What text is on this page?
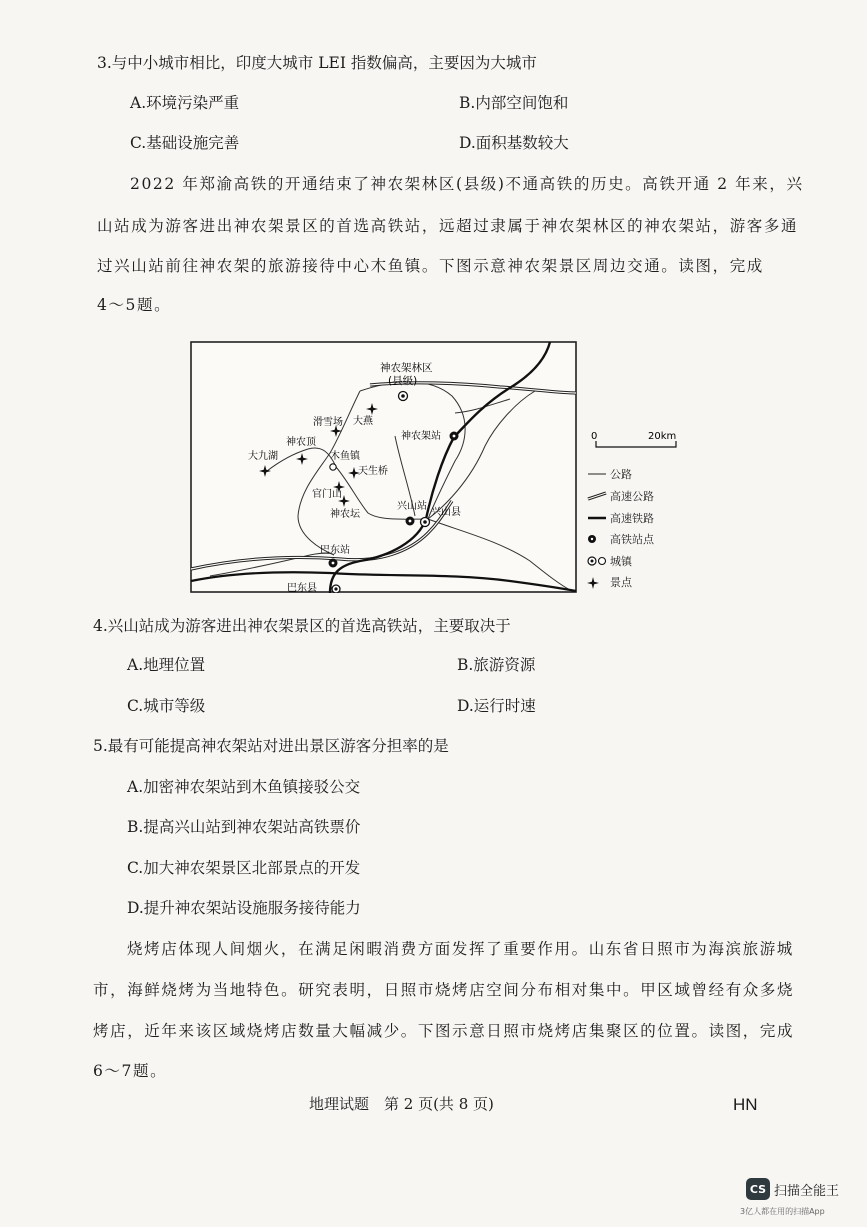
3.与中小城市相比，印度大城市 LEI 指数偏高，主要因为大城市
A.环境污染严重	B.内部空间饱和
C.基础设施完善	D.面积基数较大
2022 年郑渝高铁的开通结束了神农架林区(县级)不通高铁的历史。高铁开通 2 年来，兴
山站成为游客进出神农架景区的首选高铁站，远超过隶属于神农架林区的神农架站，游客多通
过兴山站前往神农架的旅游接待中心木鱼镇。下图示意神农架景区周边交通。读图，完成
4～5题。
神农架林区
(县级)
大燕
滑雪场
神农顶
大九湖	木鱼镇
天生桥
官门山
神农坛
神农架站
兴山站
兴山县
巴东站
巴东县
0	20km
公路
高速公路
高速铁路
高铁站点
城镇
景点
4.兴山站成为游客进出神农架景区的首选高铁站，主要取决于
A.地理位置	B.旅游资源
C.城市等级	D.运行时速
5.最有可能提高神农架站对进出景区游客分担率的是
A.加密神农架站到木鱼镇接驳公交
B.提高兴山站到神农架站高铁票价
C.加大神农架景区北部景点的开发
D.提升神农架站设施服务接待能力
烧烤店体现人间烟火，在满足闲暇消费方面发挥了重要作用。山东省日照市为海滨旅游城
市，海鲜烧烤为当地特色。研究表明，日照市烧烤店空间分布相对集中。甲区域曾经有众多烧
烤店，近年来该区域烧烤店数量大幅减少。下图示意日照市烧烤店集聚区的位置。读图，完成
6～7题。
地理试题　第 2 页(共 8 页)	HN
CS 扫描全能王
3亿人都在用的扫描App
